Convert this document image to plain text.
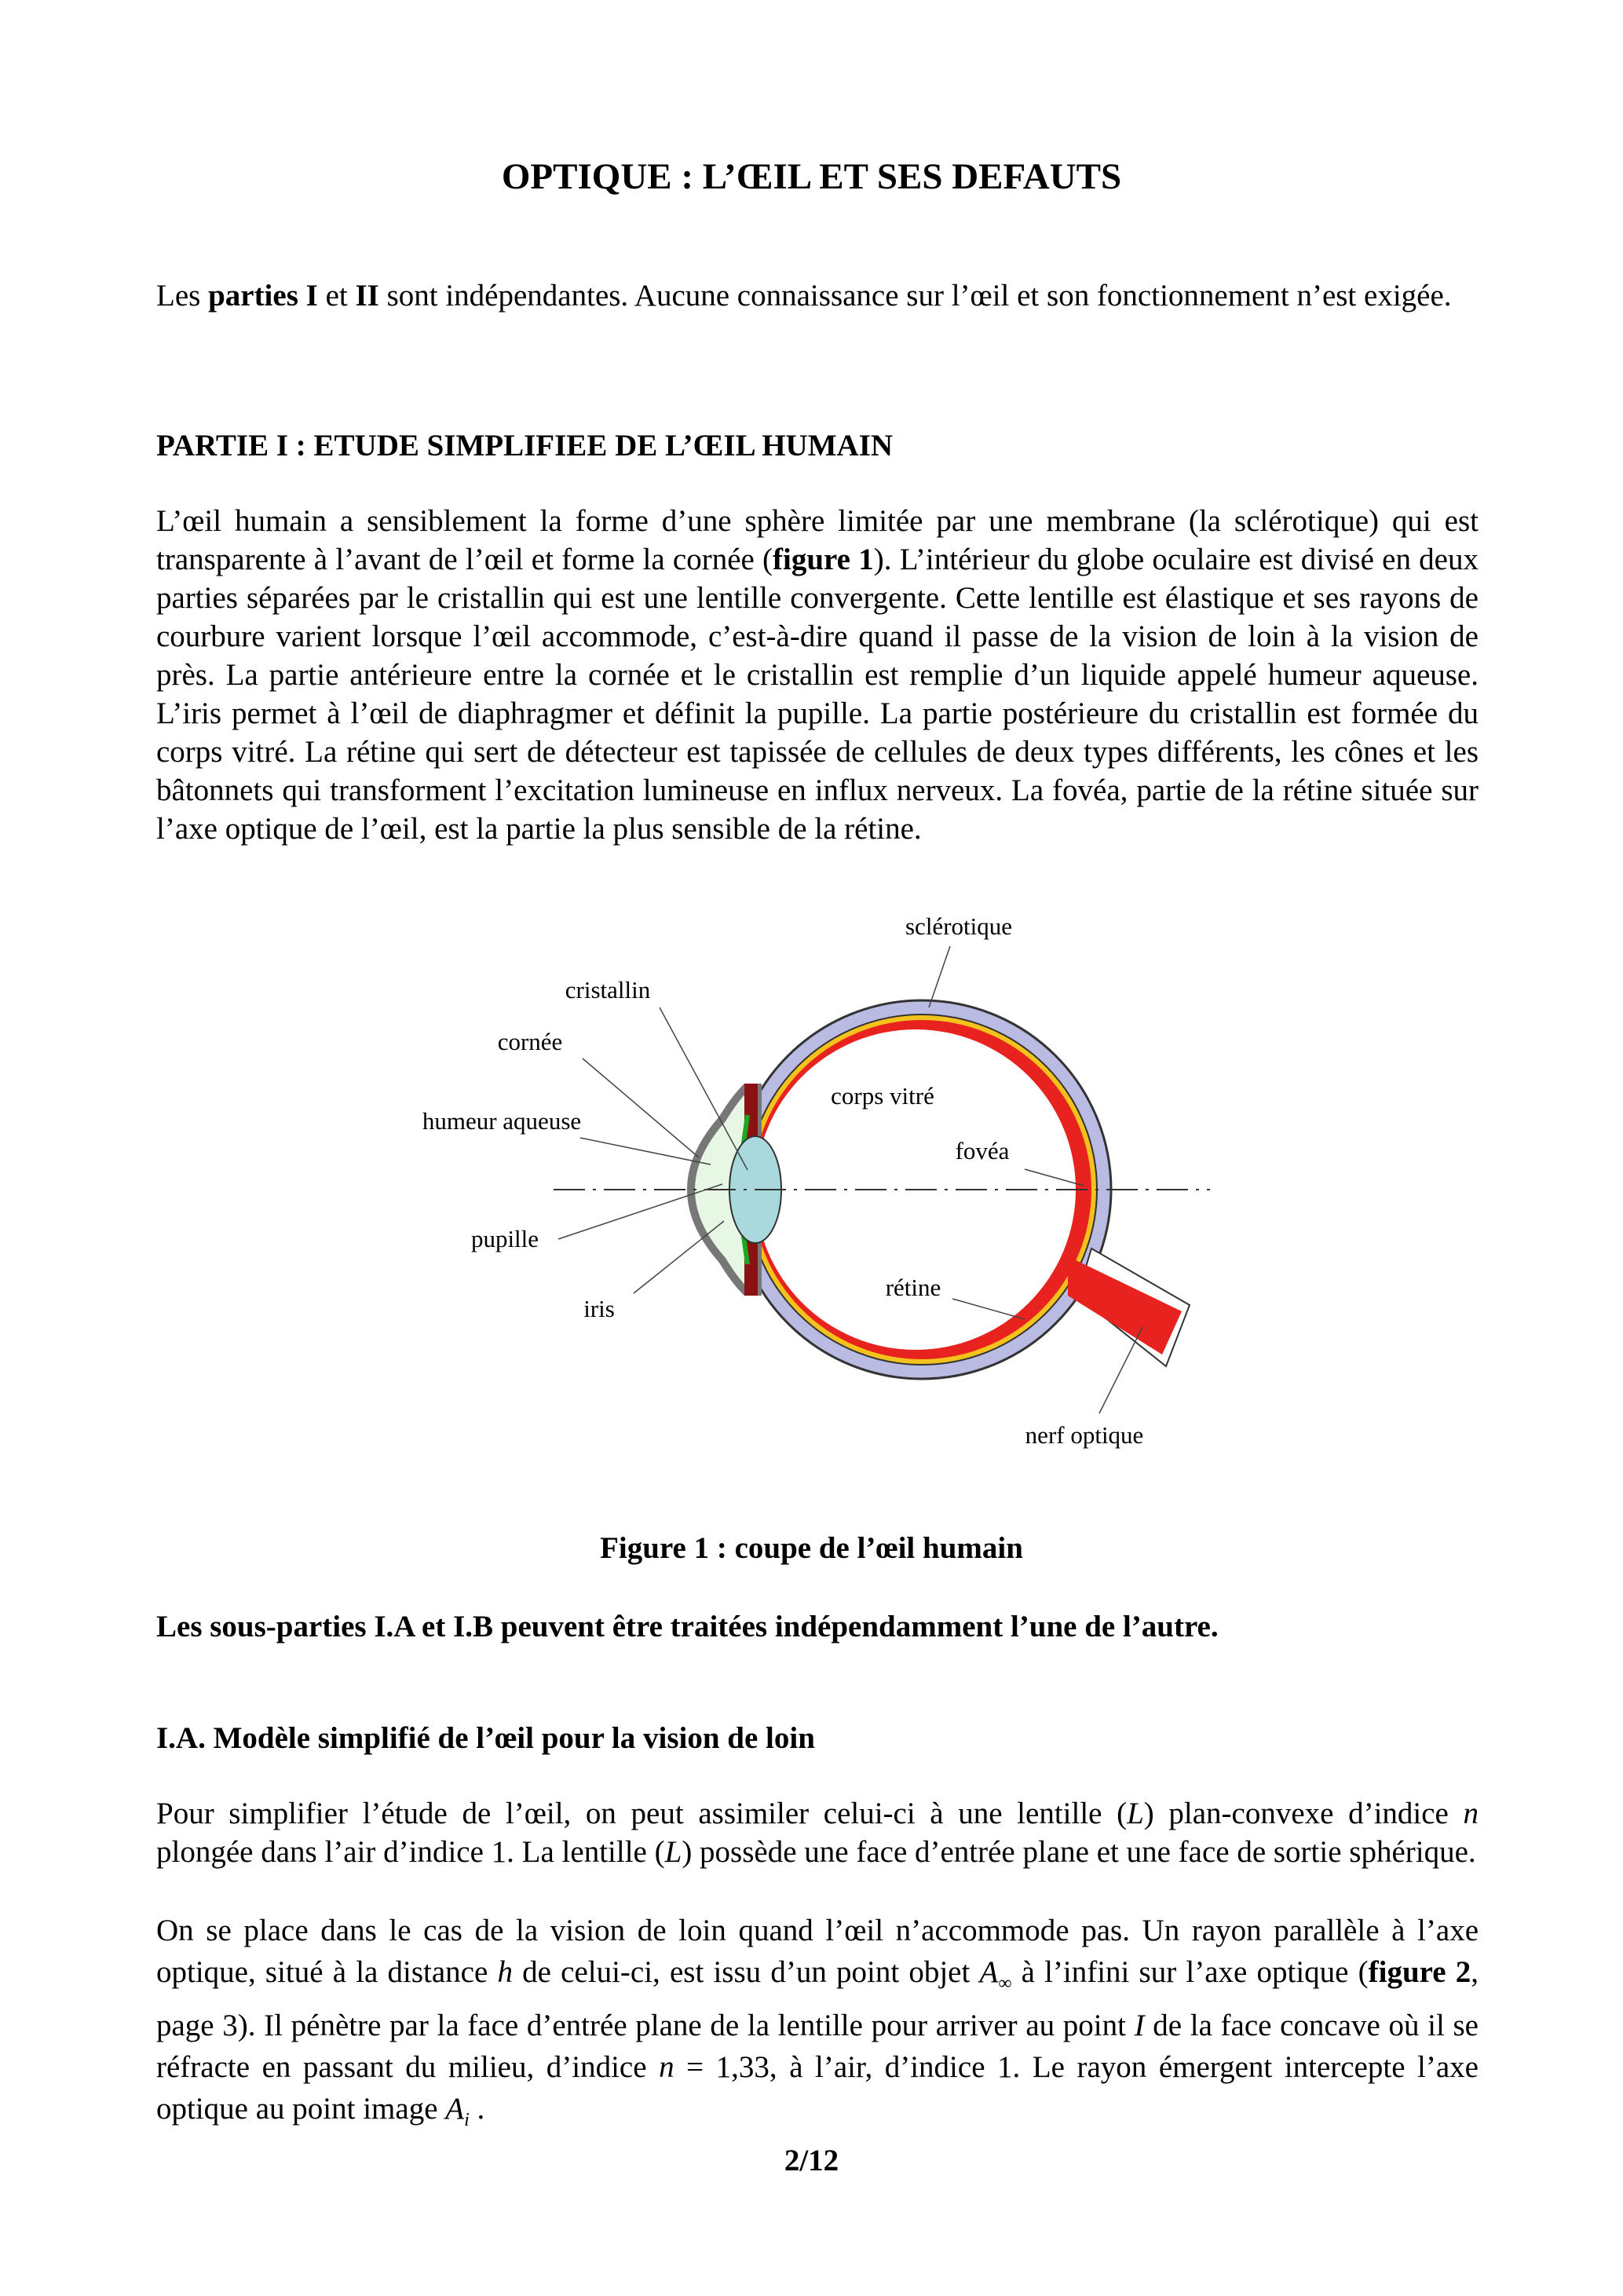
OPTIQUE : L’ŒIL ET SES DEFAUTS
Les parties I et II sont indépendantes. Aucune connaissance sur l’œil et son fonctionnement n’est exigée.
PARTIE I : ETUDE SIMPLIFIEE DE L’ŒIL HUMAIN
L’œil humain a sensiblement la forme d’une sphère limitée par une membrane (la sclérotique) qui est transparente à l’avant de l’œil et forme la cornée (figure 1). L’intérieur du globe oculaire est divisé en deux parties séparées par le cristallin qui est une lentille convergente. Cette lentille est élastique et ses rayons de courbure varient lorsque l’œil accommode, c’est-à-dire quand il passe de la vision de loin à la vision de près. La partie antérieure entre la cornée et le cristallin est remplie d’un liquide appelé humeur aqueuse. L’iris permet à l’œil de diaphragmer et définit la pupille. La partie postérieure du cristallin est formée du corps vitré. La rétine qui sert de détecteur est tapissée de cellules de deux types différents, les cônes et les bâtonnets qui transforment l’excitation lumineuse en influx nerveux. La fovéa, partie de la rétine située sur l’axe optique de l’œil, est la partie la plus sensible de la rétine.
sclérotique
cristallin
cornée
humeur aqueuse
corps vitré
fovéa
pupille
iris
rétine
nerf optique
Figure 1 : coupe de l’œil humain
Les sous-parties I.A et I.B peuvent être traitées indépendamment l’une de l’autre.
I.A. Modèle simplifié de l’œil pour la vision de loin
Pour simplifier l’étude de l’œil, on peut assimiler celui-ci à une lentille (L) plan-convexe d’indice n plongée dans l’air d’indice 1. La lentille (L) possède une face d’entrée plane et une face de sortie sphérique.
On se place dans le cas de la vision de loin quand l’œil n’accommode pas. Un rayon parallèle à l’axe optique, situé à la distance h de celui-ci, est issu d’un point objet $A_\infty$ à l’infini sur l’axe optique (figure 2, page 3). Il pénètre par la face d’entrée plane de la lentille pour arriver au point I de la face concave où il se réfracte en passant du milieu, d’indice n = 1,33, à l’air, d’indice 1. Le rayon émergent intercepte l’axe optique au point image $A_i$ .
2/12
